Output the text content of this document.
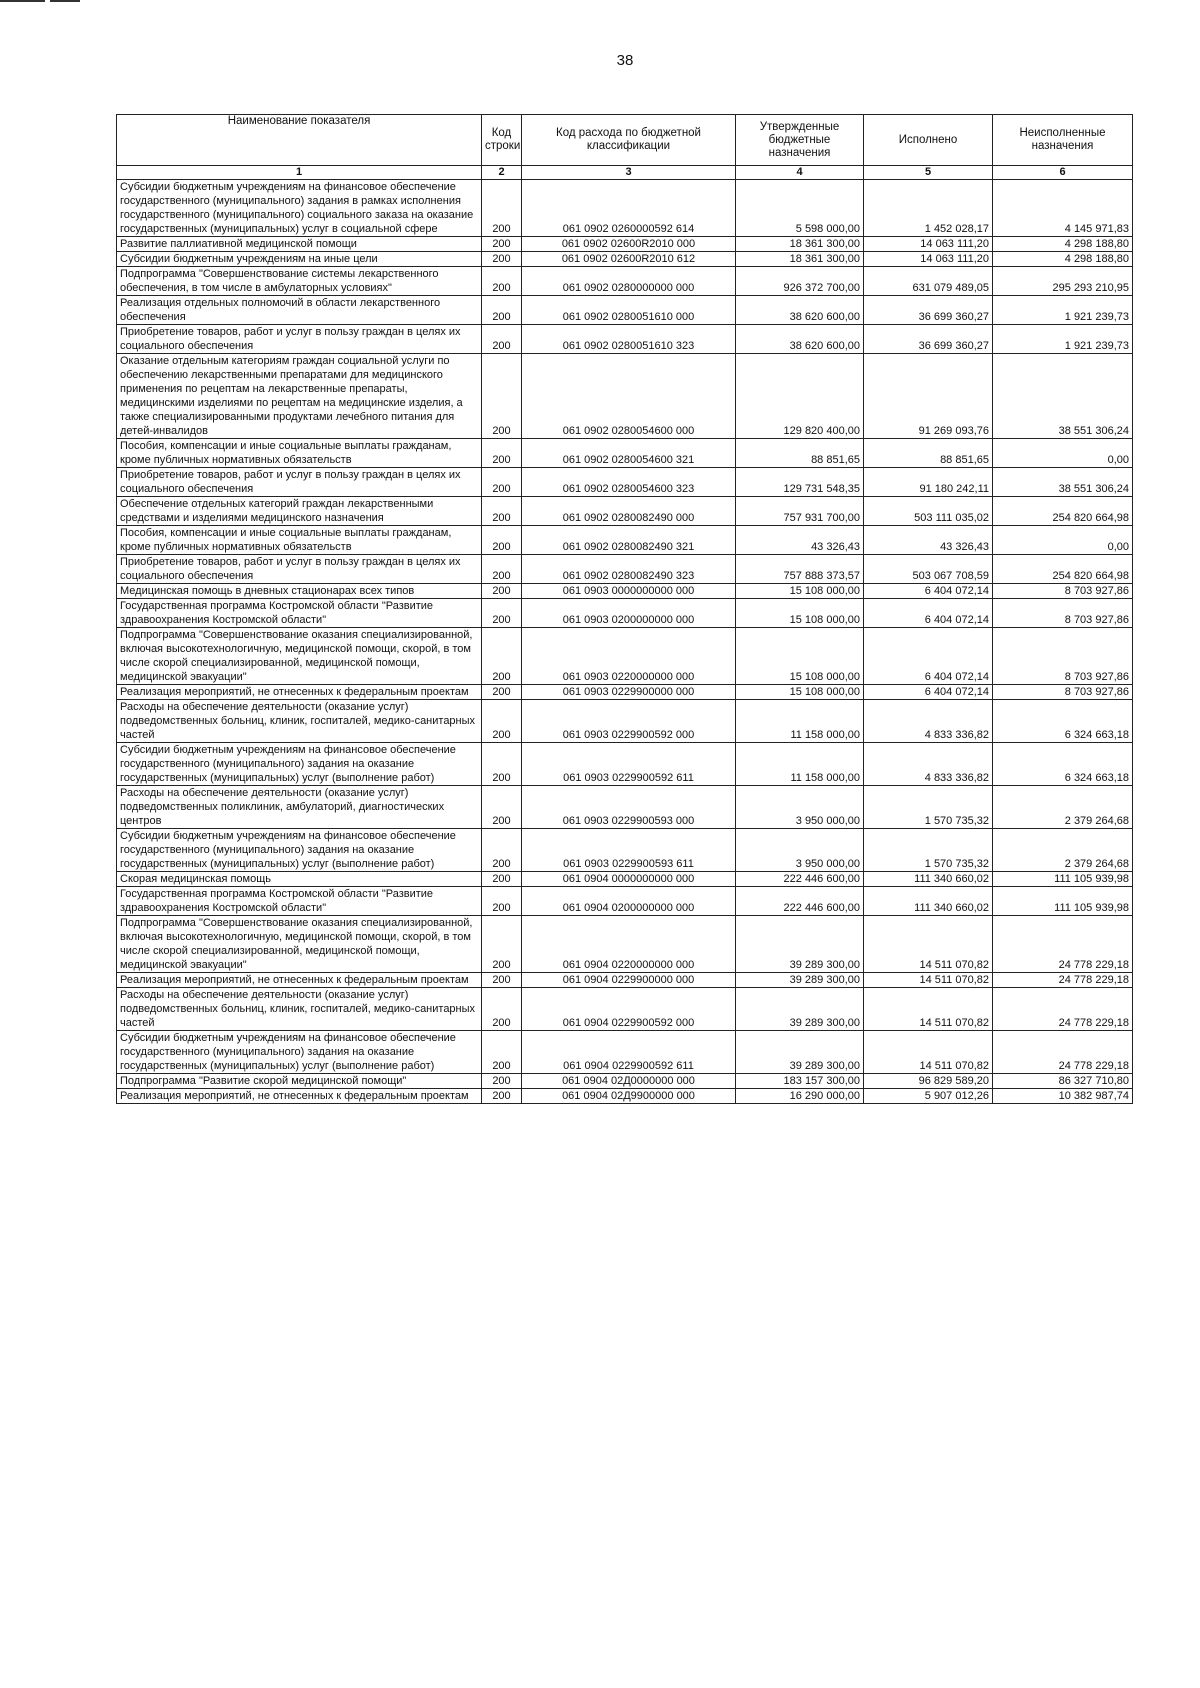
38
Наименование показателя	Код строки	Код расхода по бюджетной классификации	Утвержденные бюджетные назначения	Исполнено	Неисполненные назначения
1	2	3	4	5	6
Субсидии бюджетным учреждениям на финансовое обеспечение государственного (муниципального) задания в рамках исполнения государственного (муниципального) социального заказа на оказание государственных (муниципальных) услуг в социальной сфере	200	061 0902 0260000592 614	5 598 000,00	1 452 028,17	4 145 971,83
Развитие паллиативной медицинской помощи	200	061 0902 02600R2010 000	18 361 300,00	14 063 111,20	4 298 188,80
Субсидии бюджетным учреждениям на иные цели	200	061 0902 02600R2010 612	18 361 300,00	14 063 111,20	4 298 188,80
Подпрограмма "Совершенствование системы лекарственного обеспечения, в том числе в амбулаторных условиях"	200	061 0902 0280000000 000	926 372 700,00	631 079 489,05	295 293 210,95
Реализация отдельных полномочий в области лекарственного обеспечения	200	061 0902 0280051610 000	38 620 600,00	36 699 360,27	1 921 239,73
Приобретение товаров, работ и услуг в пользу граждан в целях их социального обеспечения	200	061 0902 0280051610 323	38 620 600,00	36 699 360,27	1 921 239,73
Оказание отдельным категориям граждан социальной услуги по обеспечению лекарственными препаратами для медицинского применения по рецептам на лекарственные препараты, медицинскими изделиями по рецептам на медицинские изделия, а также специализированными продуктами лечебного питания для детей-инвалидов	200	061 0902 0280054600 000	129 820 400,00	91 269 093,76	38 551 306,24
Пособия, компенсации и иные социальные выплаты гражданам, кроме публичных нормативных обязательств	200	061 0902 0280054600 321	88 851,65	88 851,65	0,00
Приобретение товаров, работ и услуг в пользу граждан в целях их социального обеспечения	200	061 0902 0280054600 323	129 731 548,35	91 180 242,11	38 551 306,24
Обеспечение отдельных категорий граждан лекарственными средствами и изделиями медицинского назначения	200	061 0902 0280082490 000	757 931 700,00	503 111 035,02	254 820 664,98
Пособия, компенсации и иные социальные выплаты гражданам, кроме публичных нормативных обязательств	200	061 0902 0280082490 321	43 326,43	43 326,43	0,00
Приобретение товаров, работ и услуг в пользу граждан в целях их социального обеспечения	200	061 0902 0280082490 323	757 888 373,57	503 067 708,59	254 820 664,98
Медицинская помощь в дневных стационарах всех типов	200	061 0903 0000000000 000	15 108 000,00	6 404 072,14	8 703 927,86
Государственная программа Костромской области "Развитие здравоохранения Костромской области"	200	061 0903 0200000000 000	15 108 000,00	6 404 072,14	8 703 927,86
Подпрограмма "Совершенствование оказания специализированной, включая высокотехнологичную, медицинской помощи, скорой, в том числе скорой специализированной, медицинской помощи, медицинской эвакуации"	200	061 0903 0220000000 000	15 108 000,00	6 404 072,14	8 703 927,86
Реализация мероприятий, не отнесенных к федеральным проектам	200	061 0903 0229900000 000	15 108 000,00	6 404 072,14	8 703 927,86
Расходы на обеспечение деятельности (оказание услуг) подведомственных больниц, клиник, госпиталей, медико-санитарных частей	200	061 0903 0229900592 000	11 158 000,00	4 833 336,82	6 324 663,18
Субсидии бюджетным учреждениям на финансовое обеспечение государственного (муниципального) задания на оказание государственных (муниципальных) услуг (выполнение работ)	200	061 0903 0229900592 611	11 158 000,00	4 833 336,82	6 324 663,18
Расходы на обеспечение деятельности (оказание услуг) подведомственных поликлиник, амбулаторий, диагностических центров	200	061 0903 0229900593 000	3 950 000,00	1 570 735,32	2 379 264,68
Субсидии бюджетным учреждениям на финансовое обеспечение государственного (муниципального) задания на оказание государственных (муниципальных) услуг (выполнение работ)	200	061 0903 0229900593 611	3 950 000,00	1 570 735,32	2 379 264,68
Скорая медицинская помощь	200	061 0904 0000000000 000	222 446 600,00	111 340 660,02	111 105 939,98
Государственная программа Костромской области "Развитие здравоохранения Костромской области"	200	061 0904 0200000000 000	222 446 600,00	111 340 660,02	111 105 939,98
Подпрограмма "Совершенствование оказания специализированной, включая высокотехнологичную, медицинской помощи, скорой, в том числе скорой специализированной, медицинской помощи, медицинской эвакуации"	200	061 0904 0220000000 000	39 289 300,00	14 511 070,82	24 778 229,18
Реализация мероприятий, не отнесенных к федеральным проектам	200	061 0904 0229900000 000	39 289 300,00	14 511 070,82	24 778 229,18
Расходы на обеспечение деятельности (оказание услуг) подведомственных больниц, клиник, госпиталей, медико-санитарных частей	200	061 0904 0229900592 000	39 289 300,00	14 511 070,82	24 778 229,18
Субсидии бюджетным учреждениям на финансовое обеспечение государственного (муниципального) задания на оказание государственных (муниципальных) услуг (выполнение работ)	200	061 0904 0229900592 611	39 289 300,00	14 511 070,82	24 778 229,18
Подпрограмма "Развитие скорой медицинской помощи"	200	061 0904 02Д0000000 000	183 157 300,00	96 829 589,20	86 327 710,80
Реализация мероприятий, не отнесенных к федеральным проектам	200	061 0904 02Д9900000 000	16 290 000,00	5 907 012,26	10 382 987,74
